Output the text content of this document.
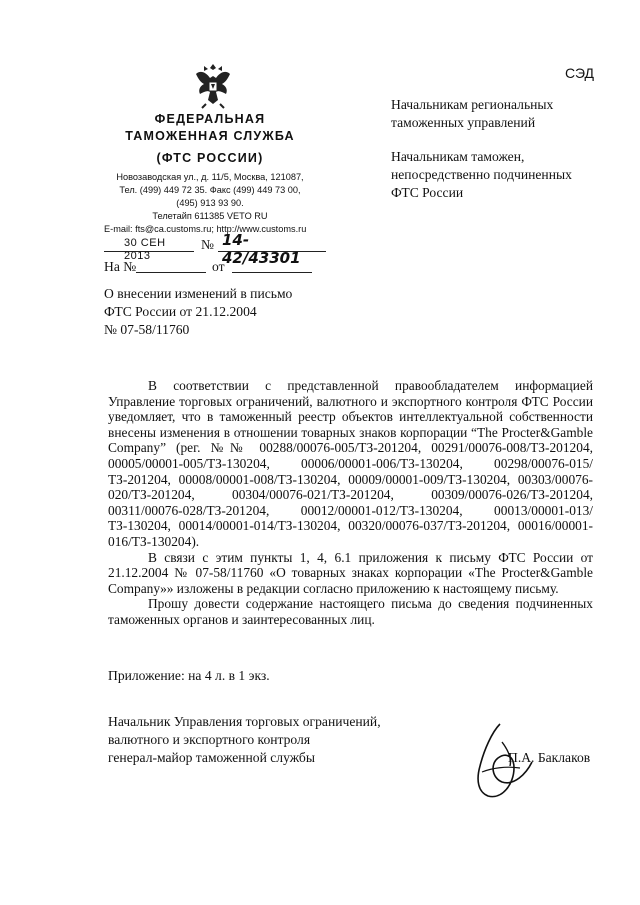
СЭД
ФЕДЕРАЛЬНАЯ
ТАМОЖЕННАЯ СЛУЖБА
(ФТС РОССИИ)
Новозаводская ул., д. 11/5, Москва, 121087,
Тел. (499) 449 72 35. Факс (499) 449 73 00,
(495) 913 93 90.
Телетайп 611385 VETO RU
E-mail: fts@ca.customs.ru; http://www.customs.ru
30 СЕН 2013
№ 14-42/43301
На №	от
Начальникам региональных
таможенных управлений
Начальникам таможен,
непосредственно подчиненных
ФТС России
О внесении изменений в письмо
ФТС России от 21.12.2004
№ 07-58/11760

В соответствии с представленной правообладателем информацией Управление торговых ограничений, валютного и экспортного контроля ФТС России уведомляет, что в таможенный реестр объектов интеллектуальной собственности внесены изменения в отношении товарных знаков корпорации “The Procter&Gamble Company” (рег. №№ 00288/00076-005/ТЗ-201204, 00291/00076-008/ТЗ-201204, 00005/00001-005/ТЗ-130204, 00006/00001-006/ТЗ-130204, 00298/00076-015/ТЗ-201204, 00008/00001-008/ТЗ-130204, 00009/00001-009/ТЗ-130204, 00303/00076-020/ТЗ-201204, 00304/00076-021/ТЗ-201204, 00309/00076-026/ТЗ-201204, 00311/00076-028/ТЗ-201204, 00012/00001-012/ТЗ-130204, 00013/00001-013/ТЗ-130204, 00014/00001-014/ТЗ-130204, 00320/00076-037/ТЗ-201204, 00016/00001-016/ТЗ-130204).

В связи с этим пункты 1, 4, 6.1 приложения к письму ФТС России от 21.12.2004 № 07-58/11760 «О товарных знаках корпорации «The Procter&Gamble Company»» изложены в редакции согласно приложению к настоящему письму.

Прошу довести содержание настоящего письма до сведения подчиненных таможенных органов и заинтересованных лиц.

Приложение: на 4 л. в 1 экз.
Начальник Управления торговых ограничений,
валютного и экспортного контроля
генерал-майор таможенной службы	П.А. Баклаков
